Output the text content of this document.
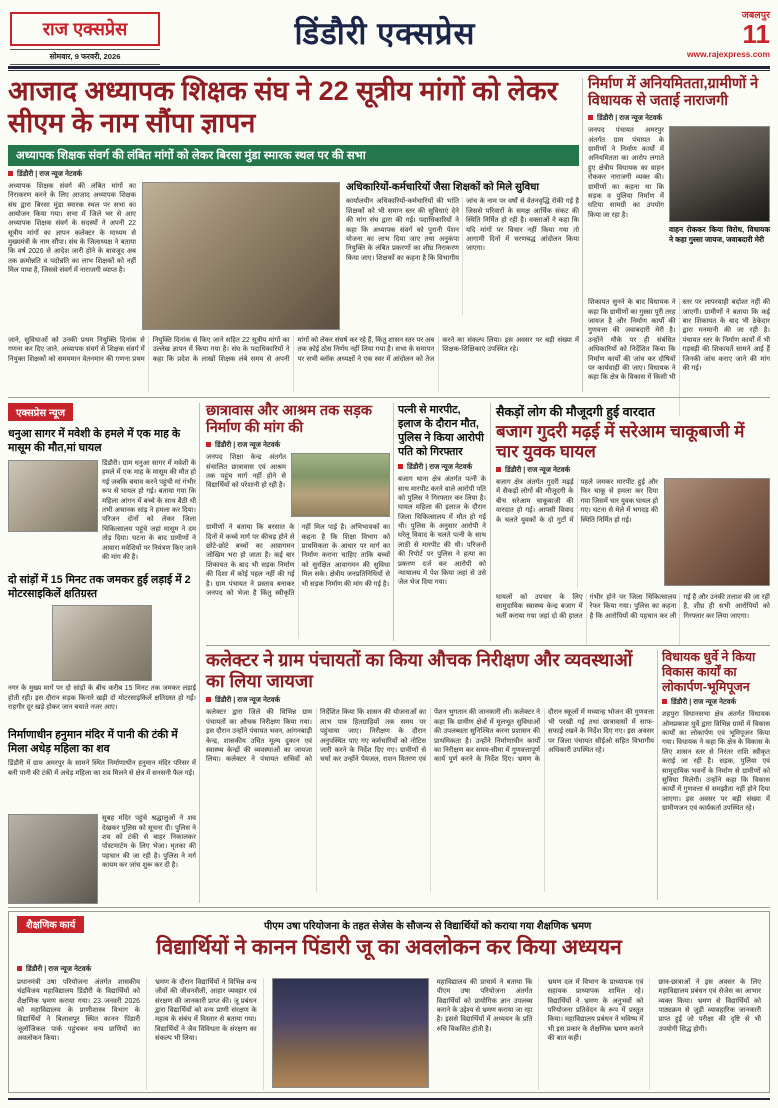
राज एक्सप्रेस
सोमवार, 9 फरवरी, 2026
डिंडौरी एक्सप्रेस
जबलपुर
11
www.rajexpress.com
आजाद अध्यापक शिक्षक संघ ने 22 सूत्रीय मांगों को लेकर सीएम के नाम सौंपा ज्ञापन
अध्यापक शिक्षक संवर्ग की लंबित मांगों को लेकर बिरसा मुंडा स्मारक स्थल पर की सभा
डिंडौरी | राज न्यूज नेटवर्क
अध्यापक शिक्षक संवर्ग की लंबित मांगों का निराकरण करने के लिए आजाद अध्यापक शिक्षक संघ द्वारा बिरसा मुंडा स्मारक स्थल पर सभा का आयोजन किया गया। सभा में जिले भर से आए अध्यापक शिक्षक संवर्ग के सदस्यों ने अपनी 22 सूत्रीय मांगों का ज्ञापन कलेक्टर के माध्यम से मुख्यमंत्री के नाम सौंपा। संघ के जिलाध्यक्ष ने बताया कि वर्ष 2026 से आदेश जारी होने के बावजूद अब तक क्रमोन्नति व पदोन्नति का लाभ शिक्षकों को नहीं मिल पाया है, जिससे संवर्ग में नाराजगी व्याप्त है।
अधिकारियों-कर्मचारियों जैसा शिक्षकों को मिले सुविधा
कार्यालयीन अधिकारियों-कर्मचारियों की भांति शिक्षकों को भी समान स्तर की सुविधाएं देने की मांग संघ द्वारा की गई। पदाधिकारियों ने कहा कि अध्यापक संवर्ग को पुरानी पेंशन योजना का लाभ दिया जाए तथा अनुकंपा नियुक्ति के लंबित प्रकरणों का शीघ्र निराकरण किया जाए। शिक्षकों का कहना है कि विभागीय जांच के नाम पर वर्षों से वेतनवृद्धि रोकी गई है जिससे परिवारों के समक्ष आर्थिक संकट की स्थिति निर्मित हो रही है। वक्ताओं ने कहा कि यदि मांगों पर विचार नहीं किया गया तो आगामी दिनों में चरणबद्ध आंदोलन किया जाएगा।
जाने, सुविधाओं को उनकी प्रथम नियुक्ति दिनांक से गणना कर दिए जाने, अध्यापक संवर्ग से शिक्षक संवर्ग में नियुक्त शिक्षकों को समयमान वेतनमान की गणना प्रथम नियुक्ति दिनांक से किए जाने सहित 22 सूत्रीय मांगों का उल्लेख ज्ञापन में किया गया है। संघ के पदाधिकारियों ने कहा कि प्रदेश के लाखों शिक्षक लंबे समय से अपनी मांगों को लेकर संघर्ष कर रहे हैं, किंतु शासन स्तर पर अब तक कोई ठोस निर्णय नहीं लिया गया है। सभा के समापन पर सभी ब्लॉक अध्यक्षों ने एक स्वर में आंदोलन को तेज करने का संकल्प लिया। इस अवसर पर बड़ी संख्या में शिक्षक-शिक्षिकाएं उपस्थित रहे।
निर्माण में अनियमितता,ग्रामीणों ने विधायक से जताई नाराजगी
डिंडौरी | राज न्यूज नेटवर्क
जनपद पंचायत अमरपुर अंतर्गत ग्राम पंचायत के ग्रामीणों ने निर्माण कार्यों में अनियमितता का आरोप लगाते हुए क्षेत्रीय विधायक का वाहन रोककर नाराजगी व्यक्त की। ग्रामीणों का कहना था कि सड़क व पुलिया निर्माण में घटिया सामग्री का उपयोग किया जा रहा है।
वाहन रोककर किया विरोध, विधायक ने कहा गुस्सा जायज, जवाबदारी मेरी
शिकायत सुनने के बाद विधायक ने कहा कि ग्रामीणों का गुस्सा पूरी तरह जायज है और निर्माण कार्यों की गुणवत्ता की जवाबदारी मेरी है। उन्होंने मौके पर ही संबंधित अधिकारियों को निर्देशित किया कि निर्माण कार्यों की जांच कर दोषियों पर कार्यवाही की जाए। विधायक ने कहा कि क्षेत्र के विकास में किसी भी स्तर पर लापरवाही बर्दाश्त नहीं की जाएगी। ग्रामीणों ने बताया कि कई बार शिकायत के बाद भी ठेकेदार द्वारा मनमानी की जा रही है। पंचायत स्तर के निर्माण कार्यों में भी गड़बड़ी की शिकायतें सामने आई हैं जिनकी जांच कराए जाने की मांग की गई।
एक्सप्रेस न्यूज
धनुआ सागर में मवेशी के हमले में एक माह के मासूम की मौत,मां घायल
डिंडौरी। ग्राम धनुआ सागर में मवेशी के हमले में एक माह के मासूम की मौत हो गई जबकि बचाव करने पहुंची मां गंभीर रूप से घायल हो गई। बताया गया कि महिला आंगन में बच्चे के साथ बैठी थी तभी अचानक सांड़ ने हमला कर दिया। परिजन दोनों को लेकर जिला चिकित्सालय पहुंचे जहां मासूम ने दम तोड़ दिया। घटना के बाद ग्रामीणों ने आवारा मवेशियों पर नियंत्रण किए जाने की मांग की है।
दो सांड़ों में 15 मिनट तक जमकर हुई लड़ाई में 2 मोटरसाइकिलें क्षतिग्रस्त
नगर के मुख्य मार्ग पर दो सांड़ों के बीच करीब 15 मिनट तक जमकर लड़ाई होती रही। इस दौरान सड़क किनारे खड़ी दो मोटरसाइकिलें क्षतिग्रस्त हो गईं। राहगीर दूर खड़े होकर जान बचाते नजर आए।
निर्माणाधीन हनुमान मंदिर में पानी की टंकी में मिला अधेड़ महिला का शव
डिंडौरी में ग्राम अमरपुर के सामने स्थित निर्माणाधीन हनुमान मंदिर परिसर में बनी पानी की टंकी में अधेड़ महिला का शव मिलने से क्षेत्र में सनसनी फैल गई।
सुबह मंदिर पहुंचे श्रद्धालुओं ने शव देखकर पुलिस को सूचना दी। पुलिस ने शव को टंकी से बाहर निकालकर पोस्टमार्टम के लिए भेजा। मृतका की पहचान की जा रही है। पुलिस ने मर्ग कायम कर जांच शुरू कर दी है।
छात्रावास और आश्रम तक सड़क निर्माण की मांग की
डिंडौरी | राज न्यूज नेटवर्क
जनपद शिक्षा केन्द्र अंतर्गत संचालित छात्रावास एवं आश्रम तक पहुंच मार्ग नहीं होने से विद्यार्थियों को परेशानी हो रही है।
ग्रामीणों ने बताया कि बरसात के दिनों में कच्चे मार्ग पर कीचड़ होने से छोटे-छोटे बच्चों का आवागमन जोखिम भरा हो जाता है। कई बार शिकायत के बाद भी सड़क निर्माण की दिशा में कोई पहल नहीं की गई है। ग्राम पंचायत ने प्रस्ताव बनाकर जनपद को भेजा है किंतु स्वीकृति नहीं मिल पाई है। अभिभावकों का कहना है कि शिक्षा विभाग को प्राथमिकता के आधार पर मार्ग का निर्माण कराना चाहिए ताकि बच्चों को सुरक्षित आवागमन की सुविधा मिल सके। क्षेत्रीय जनप्रतिनिधियों से भी सड़क निर्माण की मांग की गई है।
पत्नी से मारपीट, इलाज के दौरान मौत, पुलिस ने किया आरोपी पति को गिरफ्तार
डिंडौरी | राज न्यूज नेटवर्क
बजाग थाना क्षेत्र अंतर्गत पत्नी के साथ मारपीट करने वाले आरोपी पति को पुलिस ने गिरफ्तार कर लिया है। घायल महिला की इलाज के दौरान जिला चिकित्सालय में मौत हो गई थी। पुलिस के अनुसार आरोपी ने घरेलू विवाद के चलते पत्नी के साथ लाठी से मारपीट की थी। परिजनों की रिपोर्ट पर पुलिस ने हत्या का प्रकरण दर्ज कर आरोपी को न्यायालय में पेश किया जहां से उसे जेल भेज दिया गया।
सैकड़ों लोग की मौजूदगी हुई वारदात
बजाग गुदरी मढ़ई में सरेआम चाकूबाजी में चार युवक घायल
डिंडौरी | राज न्यूज नेटवर्क
बजाग क्षेत्र अंतर्गत गुदरी मढ़ई में सैकड़ों लोगों की मौजूदगी के बीच सरेआम चाकूबाजी की वारदात हो गई। आपसी विवाद के चलते युवकों के दो गुटों में पहले जमकर मारपीट हुई और फिर चाकू से हमला कर दिया गया जिसमें चार युवक घायल हो गए। घटना से मेले में भगदड़ की स्थिति निर्मित हो गई।
घायलों को उपचार के लिए सामुदायिक स्वास्थ्य केन्द्र बजाग में भर्ती कराया गया जहां दो की हालत गंभीर होने पर जिला चिकित्सालय रेफर किया गया। पुलिस का कहना है कि आरोपियों की पहचान कर ली गई है और उनकी तलाश की जा रही है, शीघ्र ही सभी आरोपियों को गिरफ्तार कर लिया जाएगा।
कलेक्टर ने ग्राम पंचायतों का किया औचक निरीक्षण और व्यवस्थाओं का लिया जायजा
डिंडौरी | राज न्यूज नेटवर्क
कलेक्टर द्वारा जिले की विभिन्न ग्राम पंचायतों का औचक निरीक्षण किया गया। इस दौरान उन्होंने पंचायत भवन, आंगनबाड़ी केन्द्र, शासकीय उचित मूल्य दुकान एवं स्वास्थ्य केन्द्रों की व्यवस्थाओं का जायजा लिया। कलेक्टर ने पंचायत सचिवों को निर्देशित किया कि शासन की योजनाओं का लाभ पात्र हितग्राहियों तक समय पर पहुंचाया जाए। निरीक्षण के दौरान अनुपस्थित पाए गए कर्मचारियों को नोटिस जारी करने के निर्देश दिए गए। ग्रामीणों से चर्चा कर उन्होंने पेयजल, राशन वितरण एवं पेंशन भुगतान की जानकारी ली। कलेक्टर ने कहा कि ग्रामीण क्षेत्रों में मूलभूत सुविधाओं की उपलब्धता सुनिश्चित करना प्रशासन की प्राथमिकता है। उन्होंने निर्माणाधीन कार्यों का निरीक्षण कर समय-सीमा में गुणवत्तापूर्ण कार्य पूर्ण करने के निर्देश दिए। भ्रमण के दौरान स्कूलों में मध्यान्ह भोजन की गुणवत्ता भी परखी गई तथा छात्रावासों में साफ-सफाई रखने के निर्देश दिए गए। इस अवसर पर जिला पंचायत सीईओ सहित विभागीय अधिकारी उपस्थित रहे।
विधायक धुर्वे ने किया विकास कार्यों का लोकार्पण-भूमिपूजन
डिंडौरी | राज न्यूज नेटवर्क
शहपुरा विधानसभा क्षेत्र अंतर्गत विधायक ओमप्रकाश धुर्वे द्वारा विभिन्न ग्रामों में विकास कार्यों का लोकार्पण एवं भूमिपूजन किया गया। विधायक ने कहा कि क्षेत्र के विकास के लिए शासन स्तर से निरंतर राशि स्वीकृत कराई जा रही है। सड़क, पुलिया एवं सामुदायिक भवनों के निर्माण से ग्रामीणों को सुविधा मिलेगी। उन्होंने कहा कि विकास कार्यों में गुणवत्ता से समझौता नहीं होने दिया जाएगा। इस अवसर पर बड़ी संख्या में ग्रामीणजन एवं कार्यकर्ता उपस्थित रहे।
शैक्षणिक कार्य	पीएम उषा परियोजना के तहत सेजेस के सौजन्य से विद्यार्थियों को कराया गया शैक्षणिक भ्रमण
विद्यार्थियों ने कानन पिंडारी जू का अवलोकन कर किया अध्ययन
डिंडौरी | राज न्यूज नेटवर्क
प्रधानमंत्री उषा परियोजना अंतर्गत शासकीय चंद्रविजय महाविद्यालय डिंडौरी के विद्यार्थियों को शैक्षणिक भ्रमण कराया गया। 23 जनवरी 2026 को महाविद्यालय के प्राणीशास्त्र विभाग के विद्यार्थियों ने बिलासपुर स्थित कानन पिंडारी जूलॉजिकल पार्क पहुंचकर वन्य प्राणियों का अवलोकन किया।
भ्रमण के दौरान विद्यार्थियों ने विभिन्न वन्य जीवों की जीवनशैली, आहार व्यवहार एवं संरक्षण की जानकारी प्राप्त की। जू प्रबंधन द्वारा विद्यार्थियों को वन्य प्राणी संरक्षण के महत्व के संबंध में विस्तार से बताया गया। विद्यार्थियों ने जैव विविधता के संरक्षण का संकल्प भी लिया।
महाविद्यालय की प्राचार्य ने बताया कि पीएम उषा परियोजना अंतर्गत विद्यार्थियों को प्रायोगिक ज्ञान उपलब्ध कराने के उद्देश्य से भ्रमण कराया जा रहा है। इससे विद्यार्थियों में अध्ययन के प्रति रुचि विकसित होती है।
भ्रमण दल में विभाग के प्राध्यापक एवं सहायक प्राध्यापक शामिल रहे। विद्यार्थियों ने भ्रमण के अनुभवों को परियोजना प्रतिवेदन के रूप में प्रस्तुत किया। महाविद्यालय प्रबंधन ने भविष्य में भी इस प्रकार के शैक्षणिक भ्रमण कराने की बात कही।
छात्र-छात्राओं ने इस अवसर के लिए महाविद्यालय प्रबंधन एवं सेजेस का आभार व्यक्त किया। भ्रमण से विद्यार्थियों को पाठ्यक्रम से जुड़ी व्यावहारिक जानकारी प्राप्त हुई जो परीक्षा की दृष्टि से भी उपयोगी सिद्ध होगी।
